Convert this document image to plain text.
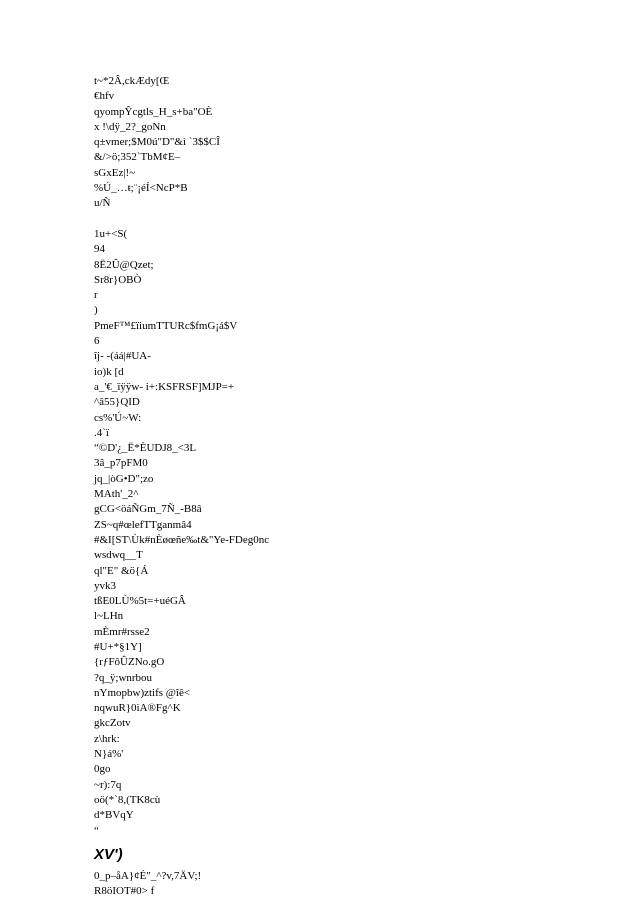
t~*2Â,ckÆdy[Œ
€hfv
qyompŶcgtls_H_s+ba"OÈ
x !\dÿ_2?_goNn
q±vmer;$M0ú"D"&ì `3$$CÎ
&/>ö;352`TbM¢E–
sGxEz|!~
%Ú_…ŧ;¨¡éÍ<NcP*B
u/Ñ
1u+<S(
94
8Ë2Û@Qzet;
Sr8r}OBÒ
r
)
PmeF™£ïiumTTURc$fmG¡á$V
6
îj- -(áá|#UA-
io)k [d
a_'€_ïÿÿw- i+:KSFRSF]MJP=+
^â55}QID
cs%'Ú~W:
.4`ï
“©D'¿_Ë*ÈUDJ8_<3L
3â_p7pFM0
jq_|òG•D";zo
MAth'_2^
gCG<öáÑGm_7Ñ_-B8â
ZS~q#œlefTTganmâ4
#&I[ST\Ùk#nÈøœñe‰t&"Ye-FDeg0nc
wsdwq__T
ql"E" &ö{Á
yvk3
tßE0LÙ%5t=+uéGÂ
l~LHn
mÈmr#rsse2
#U+*§1Y]
{rƒFôÛZNo.gO
?q_ÿ;wnrbou
nYmopbw)ztifs @îê<
nqwuR}0iA®Fg^K
gkcZotv
z\hrk:
N}á%'
0go
~r):7q
oö(*`8,(TK8cù
d*BVqY
“
XV')
0_p–åA}¢É"_^?v,7ÄV;!
R8öIOT#0> f
